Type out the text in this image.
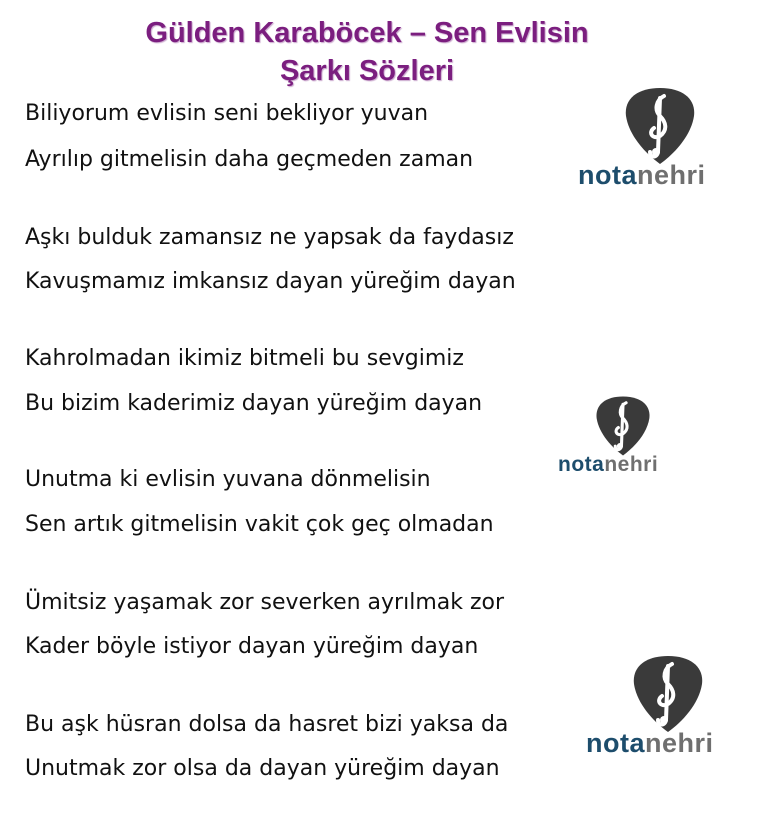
Gülden Karaböcek – Sen Evlisin
Şarkı Sözleri
Biliyorum evlisin seni bekliyor yuvan
Ayrılıp gitmelisin daha geçmeden zaman
Aşkı bulduk zamansız ne yapsak da faydasız
Kavuşmamız imkansız dayan yüreğim dayan
Kahrolmadan ikimiz bitmeli bu sevgimiz
Bu bizim kaderimiz dayan yüreğim dayan
Unutma ki evlisin yuvana dönmelisin
Sen artık gitmelisin vakit çok geç olmadan
Ümitsiz yaşamak zor severken ayrılmak zor
Kader böyle istiyor dayan yüreğim dayan
Bu aşk hüsran dolsa da hasret bizi yaksa da
Unutmak zor olsa da dayan yüreğim dayan
notanehri
notanehri
notanehri
